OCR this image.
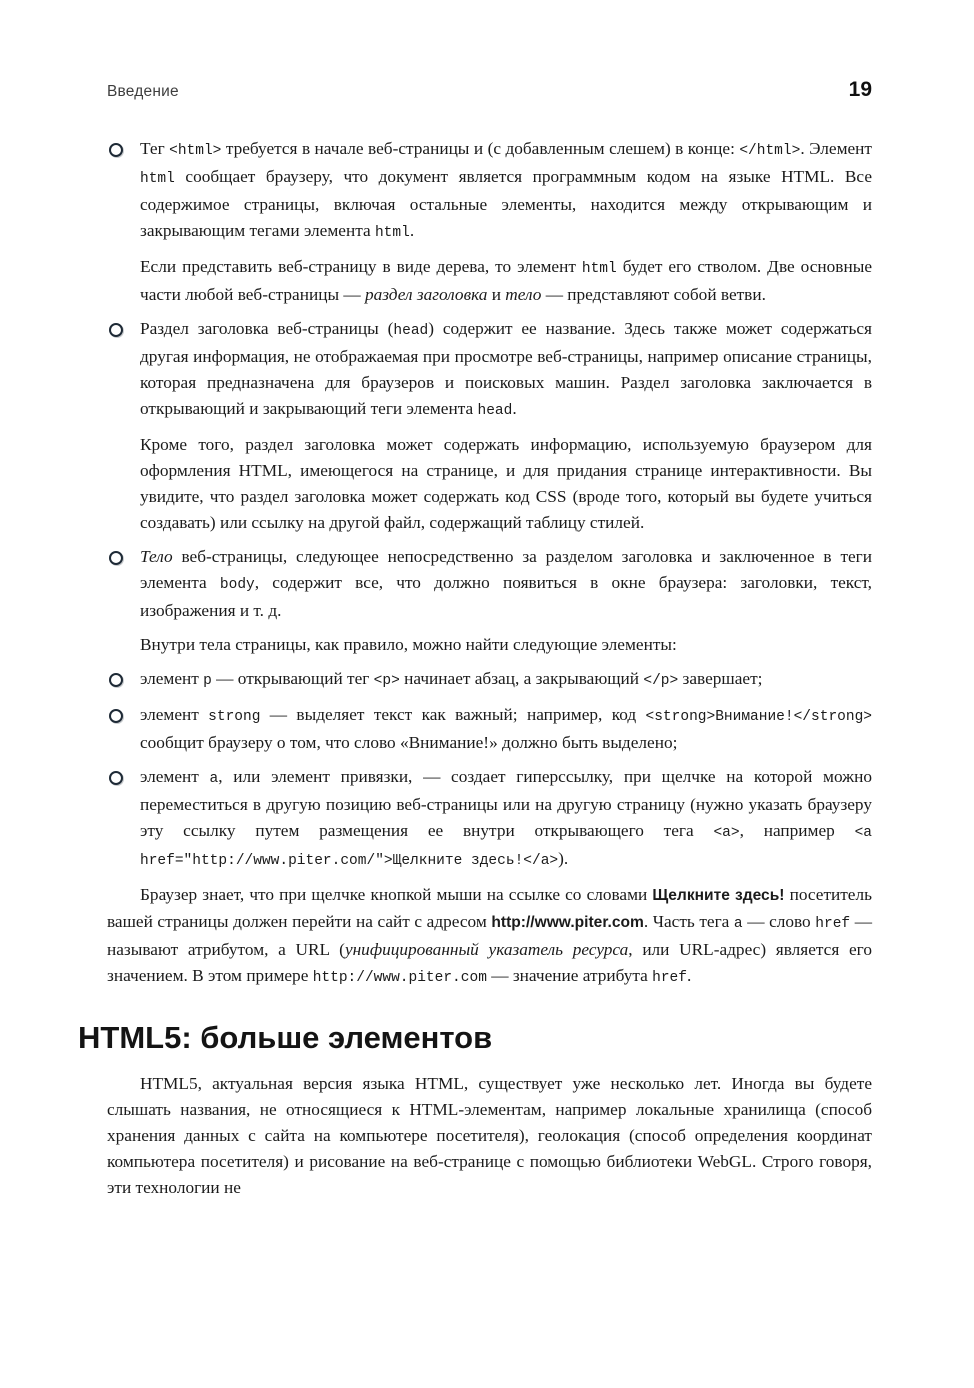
Введение	19
Тег <html> требуется в начале веб-страницы и (с добавленным слешем) в конце: </html>. Элемент html сообщает браузеру, что документ является программным кодом на языке HTML. Все содержимое страницы, включая остальные элементы, находится между открывающим и закрывающим тегами элемента html.

Если представить веб-страницу в виде дерева, то элемент html будет его стволом. Две основные части любой веб-страницы — раздел заголовка и тело — представляют собой ветви.

Раздел заголовка веб-страницы (head) содержит ее название. Здесь также может содержаться другая информация, не отображаемая при просмотре веб-страницы, например описание страницы, которая предназначена для браузеров и поисковых машин. Раздел заголовка заключается в открывающий и закрывающий теги элемента head.

Кроме того, раздел заголовка может содержать информацию, используемую браузером для оформления HTML, имеющегося на странице, и для придания странице интерактивности. Вы увидите, что раздел заголовка может содержать код CSS (вроде того, который вы будете учиться создавать) или ссылку на другой файл, содержащий таблицу стилей.

Тело веб-страницы, следующее непосредственно за разделом заголовка и заключенное в теги элемента body, содержит все, что должно появиться в окне браузера: заголовки, текст, изображения и т. д.

Внутри тела страницы, как правило, можно найти следующие элементы:

элемент p — открывающий тег <p> начинает абзац, а закрывающий </p> завершает;
элемент strong — выделяет текст как важный; например, код <strong>Внимание!</strong> сообщит браузеру о том, что слово «Внимание!» должно быть выделено;
элемент a, или элемент привязки, — создает гиперссылку, при щелчке на которой можно переместиться в другую позицию веб-страницы или на другую страницу (нужно указать браузеру эту ссылку путем размещения ее внутри открывающего тега <a>, например <a href="http://www.piter.com/">Щелкните здесь!</a>).

Браузер знает, что при щелчке кнопкой мыши на ссылке со словами Щелкните здесь! посетитель вашей страницы должен перейти на сайт с адресом http://www.piter.com. Часть тега a — слово href — называют атрибутом, а URL (унифицированный указатель ресурса, или URL-адрес) является его значением. В этом примере http://www.piter.com — значение атрибута href.

HTML5: больше элементов

HTML5, актуальная версия языка HTML, существует уже несколько лет. Иногда вы будете слышать названия, не относящиеся к HTML-элементам, например локальные хранилища (способ хранения данных с сайта на компьютере посетителя), геолокация (способ определения координат компьютера посетителя) и рисование на веб-странице с помощью библиотеки WebGL. Строго говоря, эти технологии не
